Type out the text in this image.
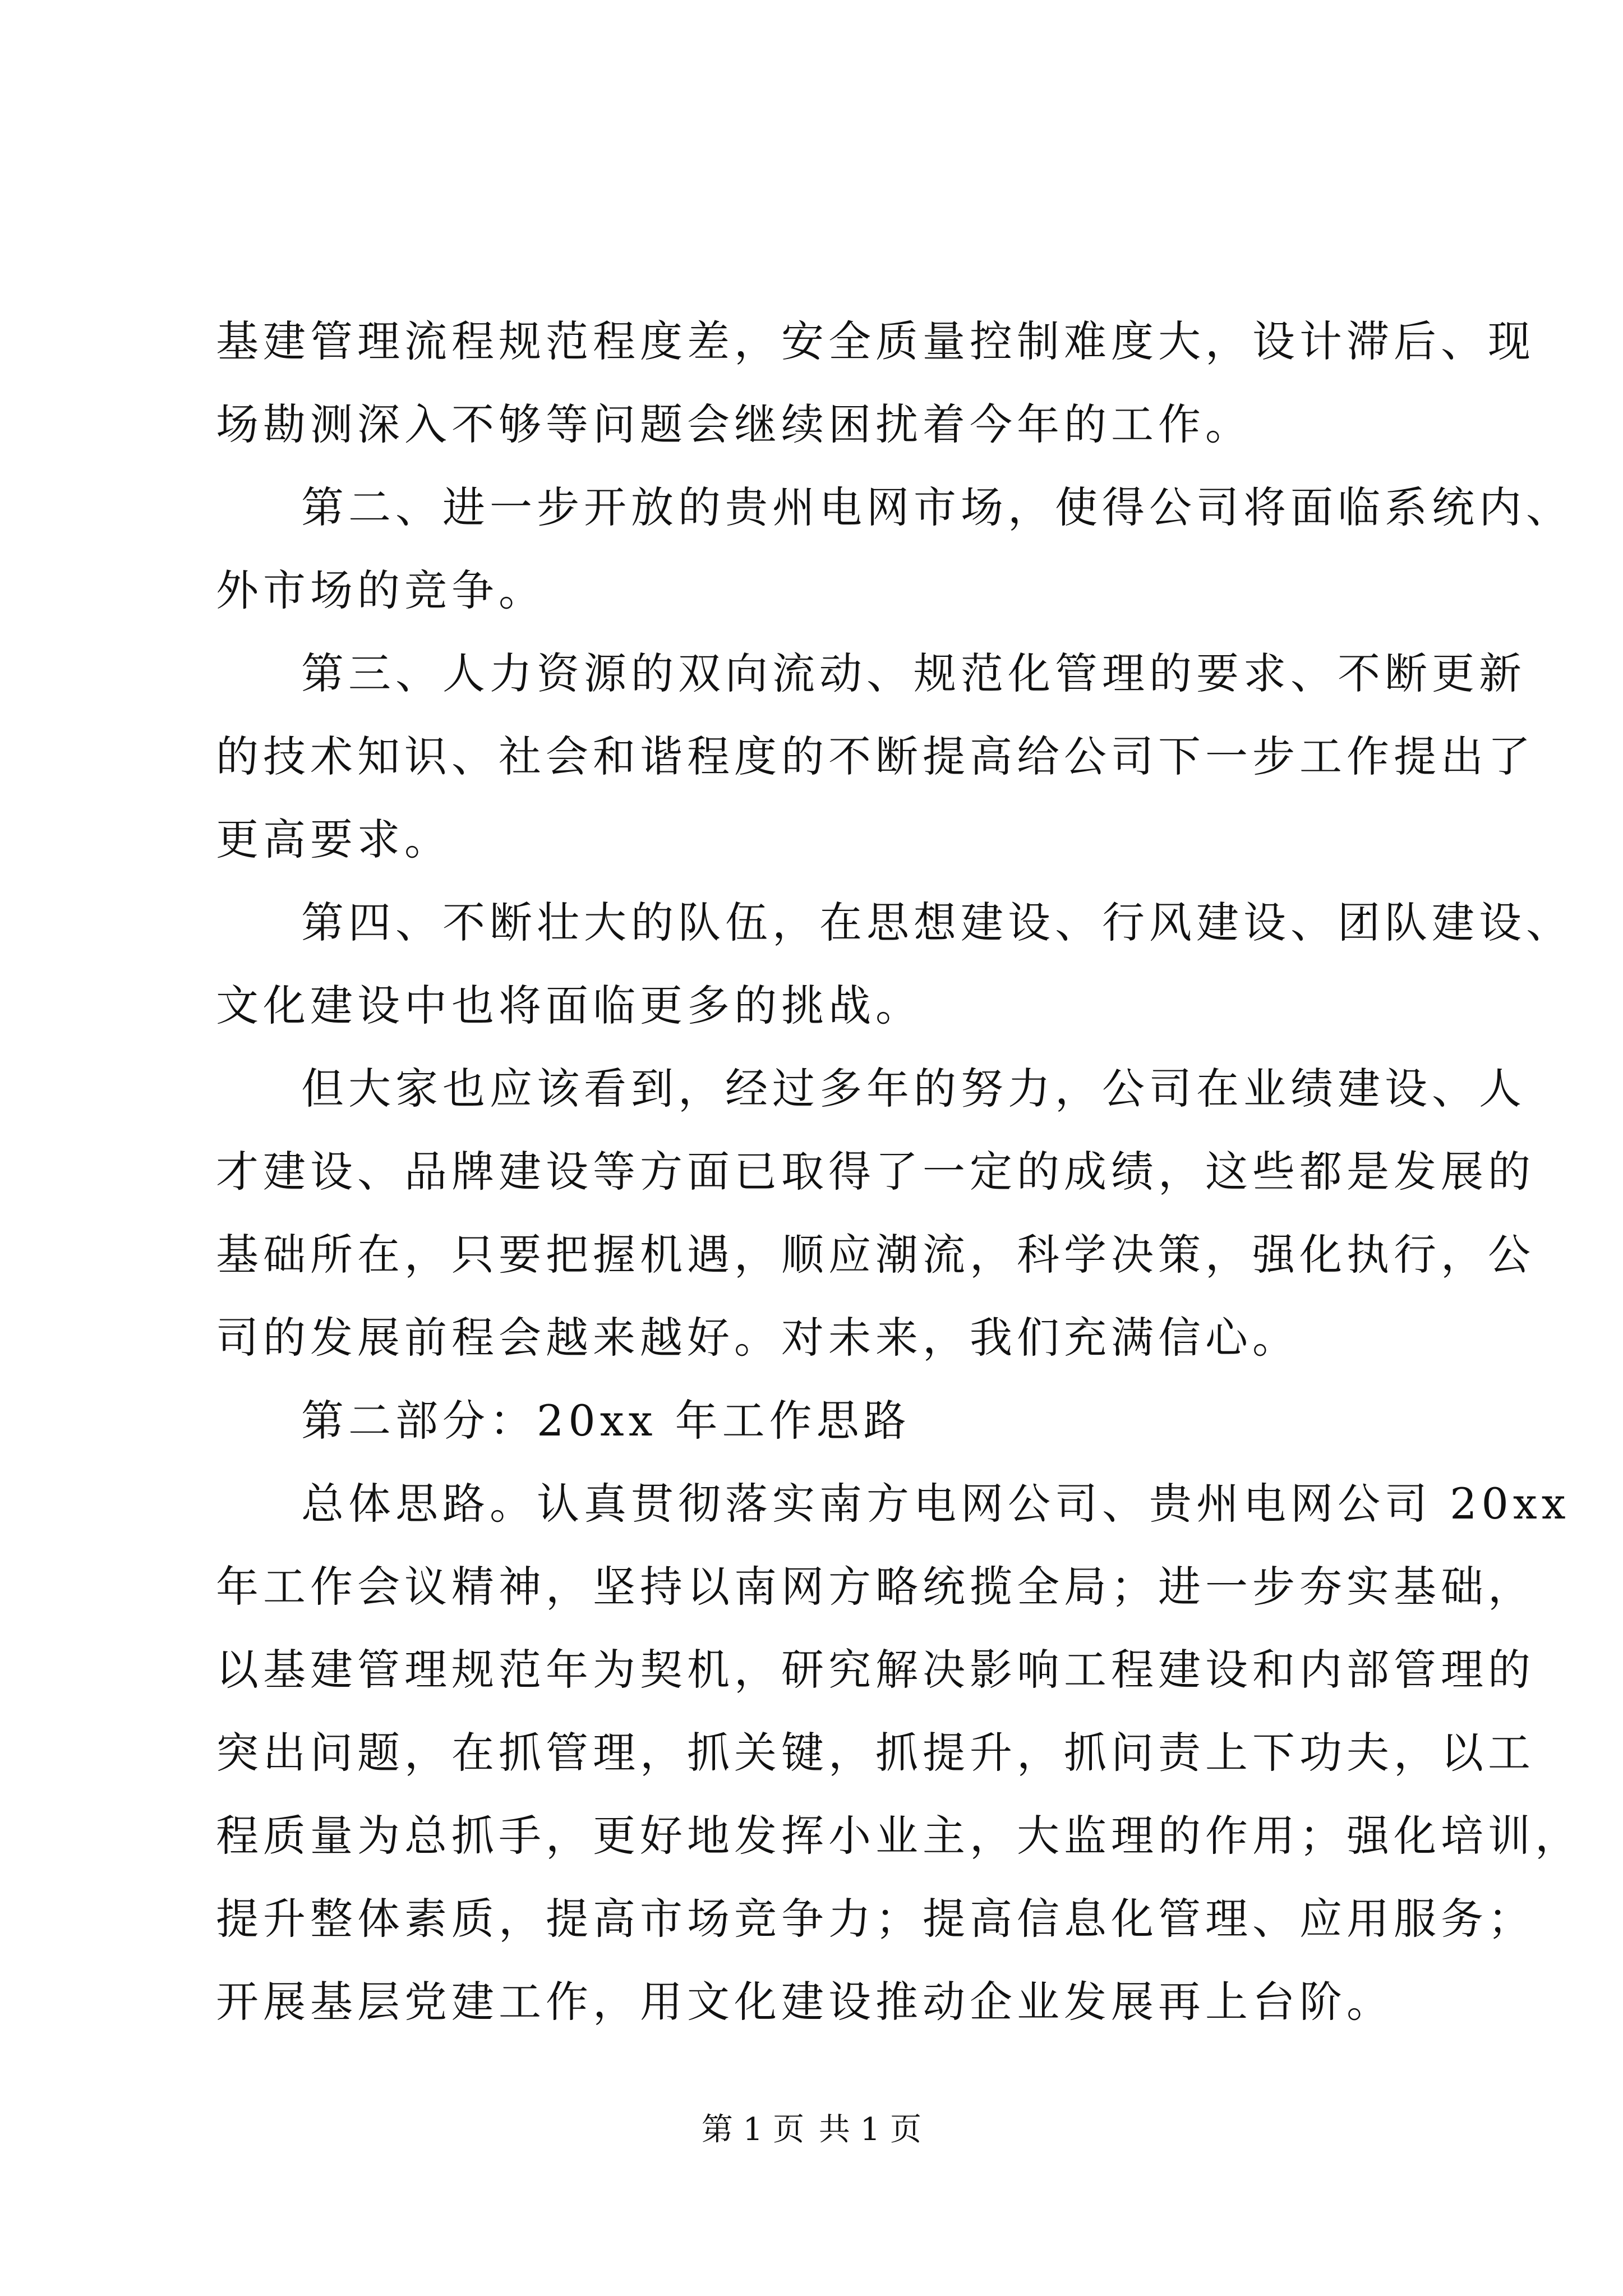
基建管理流程规范程度差，安全质量控制难度大，设计滞后、现
场勘测深入不够等问题会继续困扰着今年的工作。
第二、进一步开放的贵州电网市场，使得公司将面临系统内、
外市场的竞争。
第三、人力资源的双向流动、规范化管理的要求、不断更新
的技术知识、社会和谐程度的不断提高给公司下一步工作提出了
更高要求。
第四、不断壮大的队伍，在思想建设、行风建设、团队建设、
文化建设中也将面临更多的挑战。
但大家也应该看到，经过多年的努力，公司在业绩建设、人
才建设、品牌建设等方面已取得了一定的成绩，这些都是发展的
基础所在，只要把握机遇，顺应潮流，科学决策，强化执行，公
司的发展前程会越来越好。对未来，我们充满信心。
第二部分：20xx 年工作思路
总体思路。认真贯彻落实南方电网公司、贵州电网公司 20xx
年工作会议精神，坚持以南网方略统揽全局；进一步夯实基础，
以基建管理规范年为契机，研究解决影响工程建设和内部管理的
突出问题，在抓管理，抓关键，抓提升，抓问责上下功夫，以工
程质量为总抓手，更好地发挥小业主，大监理的作用；强化培训，
提升整体素质，提高市场竞争力；提高信息化管理、应用服务；
开展基层党建工作，用文化建设推动企业发展再上台阶。
第 1 页 共 1 页
